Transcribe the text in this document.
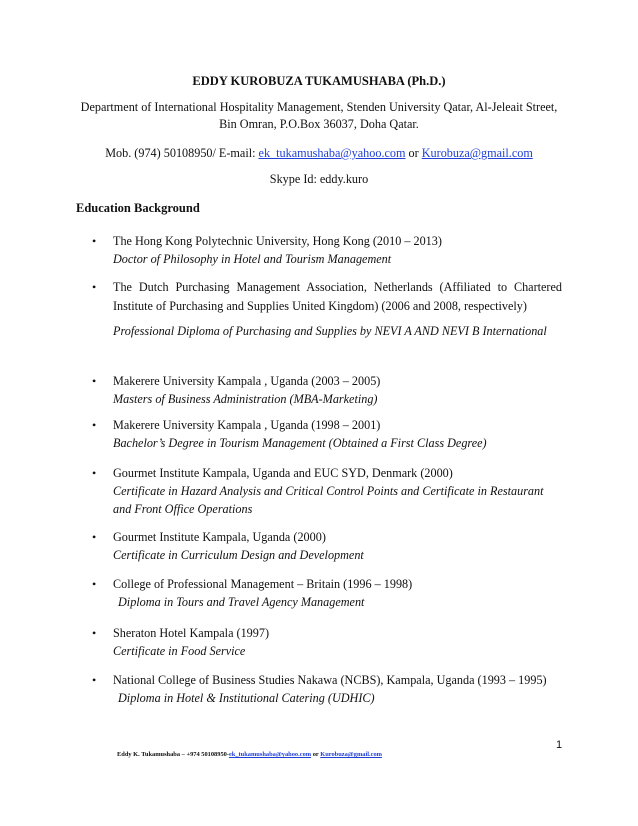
EDDY KUROBUZA TUKAMUSHABA (Ph.D.)
Department of International Hospitality Management, Stenden University Qatar, Al-Jeleait Street, Bin Omran, P.O.Box 36037, Doha Qatar.
Mob. (974) 50108950/ E-mail: ek_tukamushaba@yahoo.com or Kurobuza@gmail.com
Skype Id: eddy.kuro
Education Background
• The Hong Kong Polytechnic University, Hong Kong (2010 – 2013)
Doctor of Philosophy in Hotel and Tourism Management
• The Dutch Purchasing Management Association, Netherlands (Affiliated to Chartered Institute of Purchasing and Supplies United Kingdom) (2006 and 2008, respectively)
Professional Diploma of Purchasing and Supplies by NEVI A AND NEVI B International
• Makerere University Kampala , Uganda (2003 – 2005)
Masters of Business Administration (MBA-Marketing)
• Makerere University Kampala , Uganda (1998 – 2001)
Bachelor’s Degree in Tourism Management (Obtained a First Class Degree)
• Gourmet Institute Kampala, Uganda and EUC SYD, Denmark (2000)
Certificate in Hazard Analysis and Critical Control Points and Certificate in Restaurant and Front Office Operations
• Gourmet Institute Kampala, Uganda (2000)
Certificate in Curriculum Design and Development
• College of Professional Management – Britain (1996 – 1998)
Diploma in Tours and Travel Agency Management
• Sheraton Hotel Kampala (1997)
Certificate in Food Service
• National College of Business Studies Nakawa (NCBS), Kampala, Uganda (1993 – 1995)
Diploma in Hotel & Institutional Catering (UDHIC)
1
Eddy K. Tukamushaba – +974 50108950-ek_tukamushaba@yahoo.com or Kurobuza@gmail.com
